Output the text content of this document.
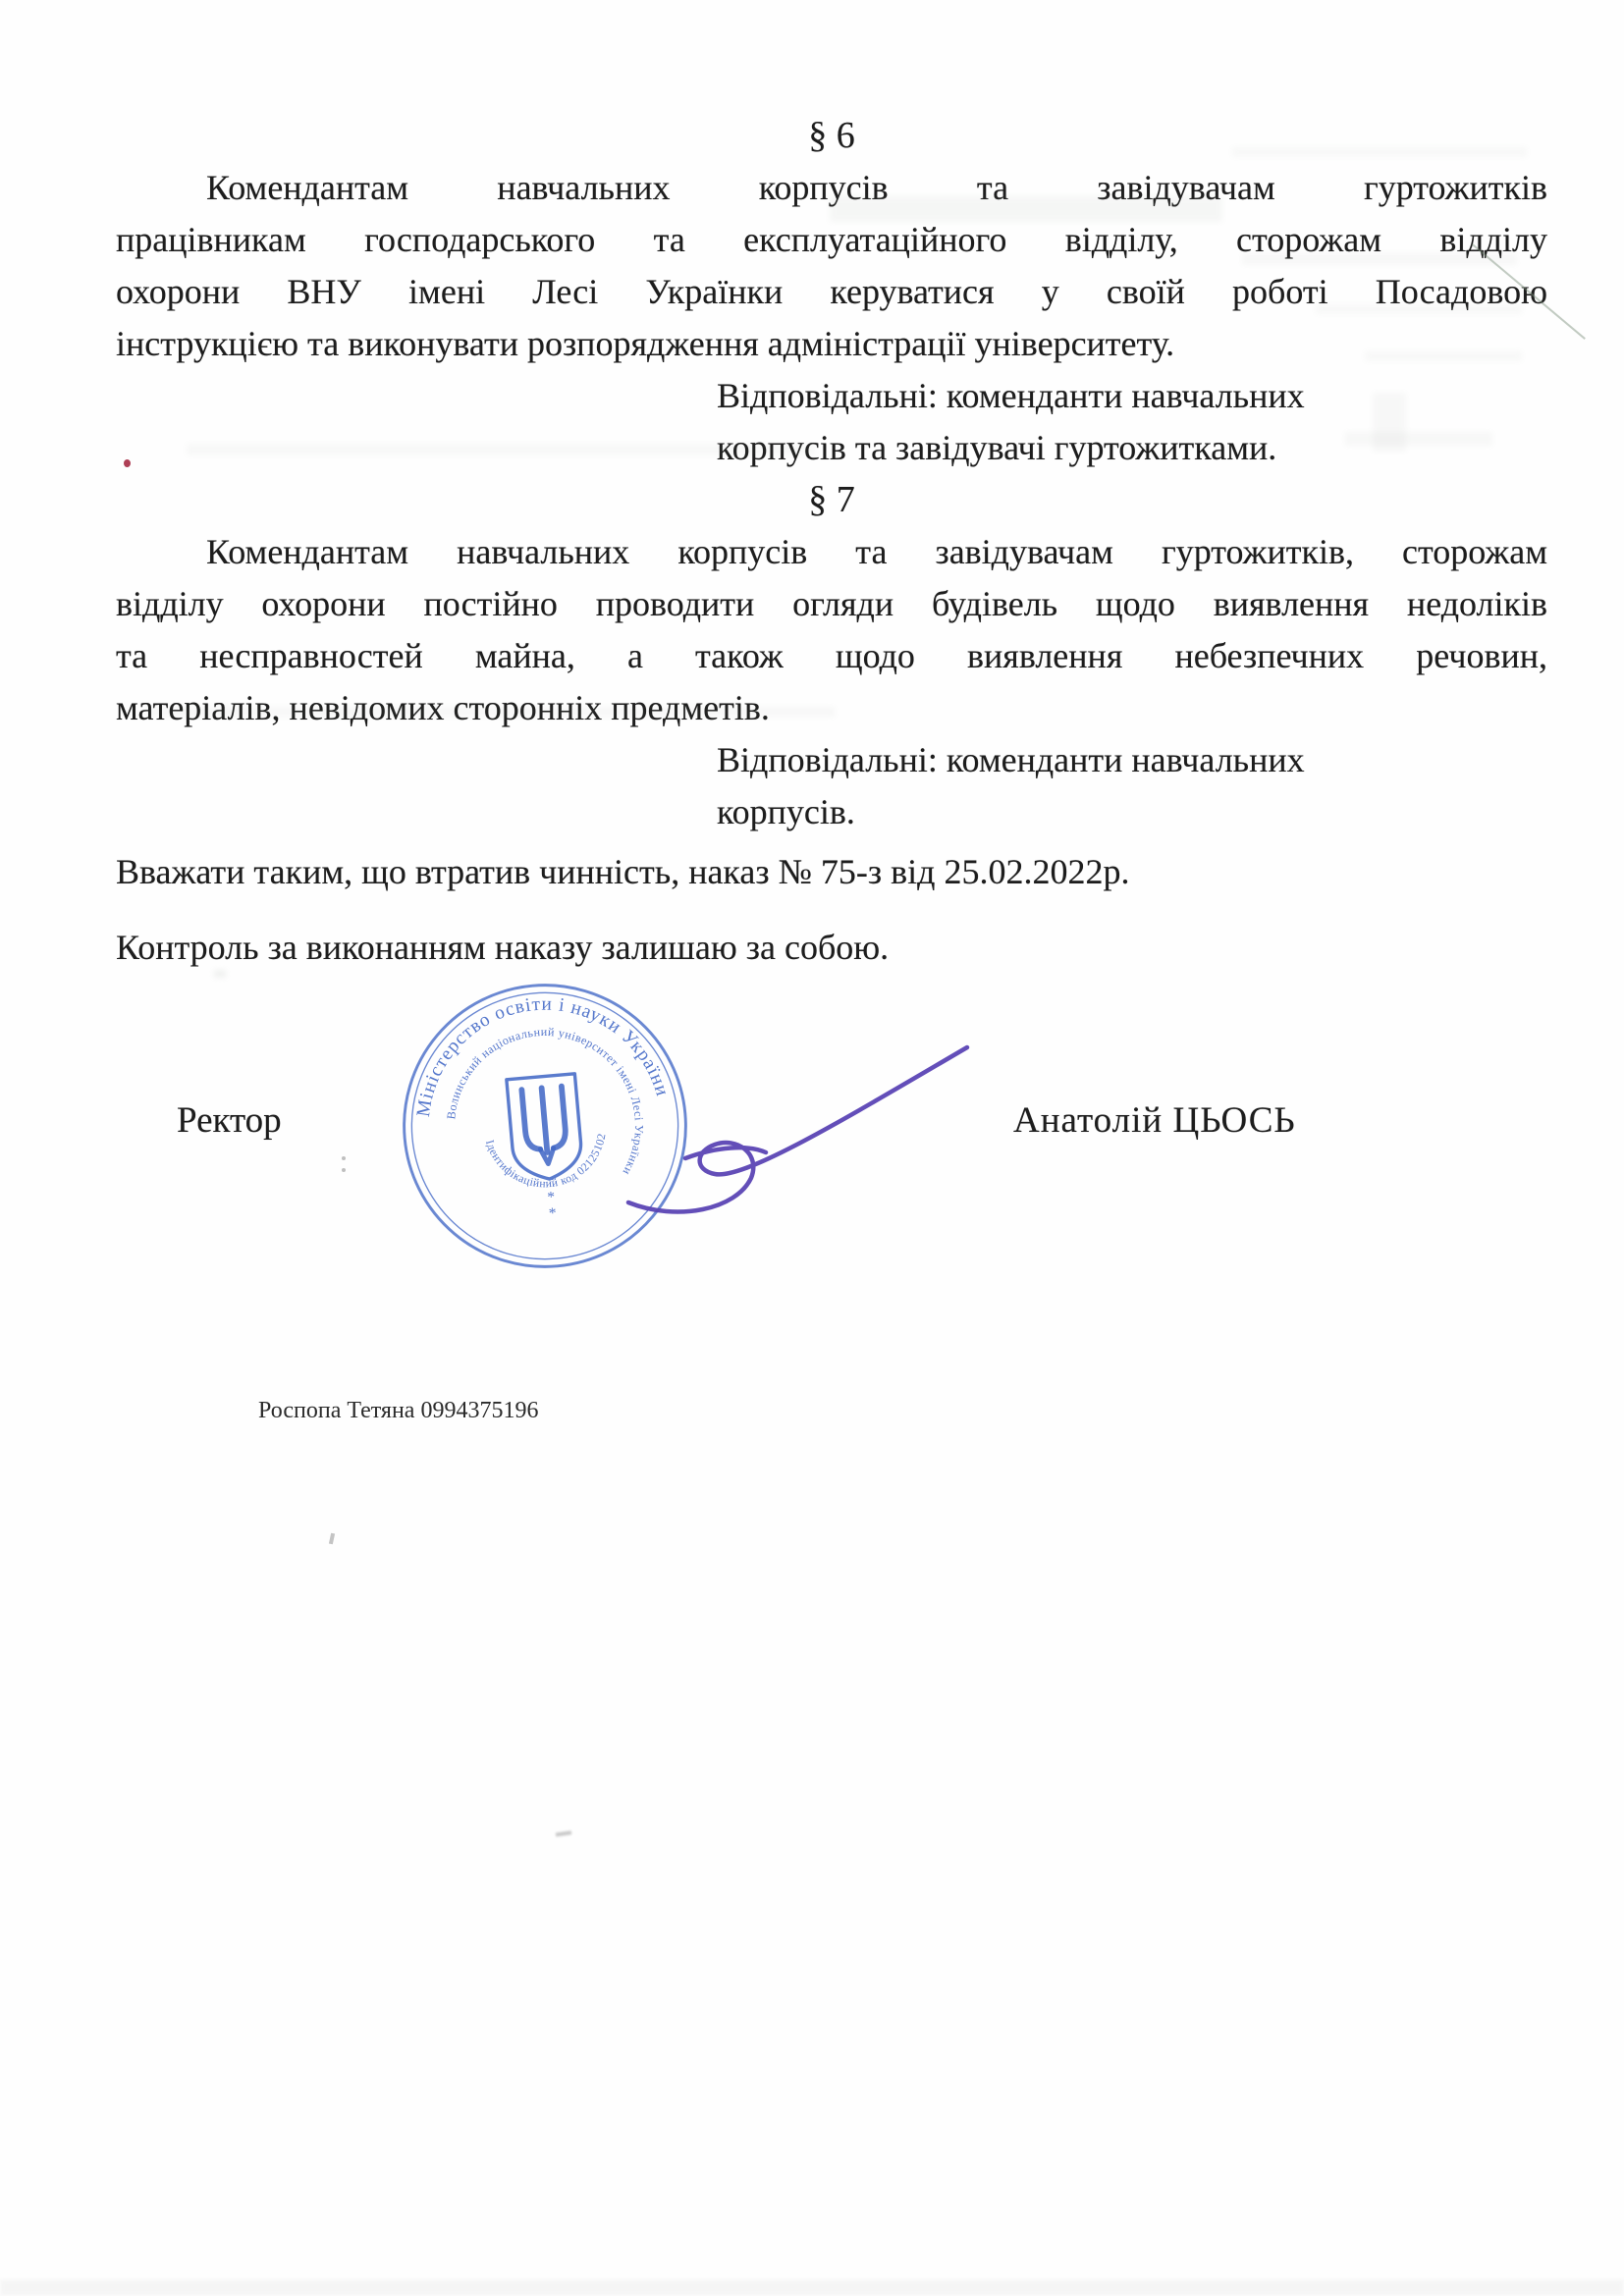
§ 6
Комендантам навчальних корпусів та завідувачам гуртожитків
працівникам господарського та експлуатаційного відділу, сторожам відділу
охорони ВНУ імені Лесі Українки керуватися у своїй роботі Посадовою
інструкцією та виконувати розпорядження адміністрації університету.
Відповідальні: коменданти навчальних
корпусів та завідувачі гуртожитками.
§ 7
Комендантам навчальних корпусів та завідувачам гуртожитків, сторожам
відділу охорони постійно проводити огляди будівель щодо виявлення недоліків
та несправностей майна, а також щодо виявлення небезпечних речовин,
матеріалів, невідомих сторонніх предметів.
Відповідальні: коменданти навчальних
корпусів.
Вважати таким, що втратив чинність, наказ № 75-з від 25.02.2022р.
Контроль за виконанням наказу залишаю за собою.
Ректор	Анатолій ЦЬОСЬ
Міністерство освіти і науки України
Волинський національний університет імені Лесі Українки
Ідентифікаційний код 02125102
*
*
Роспопа Тетяна 0994375196
